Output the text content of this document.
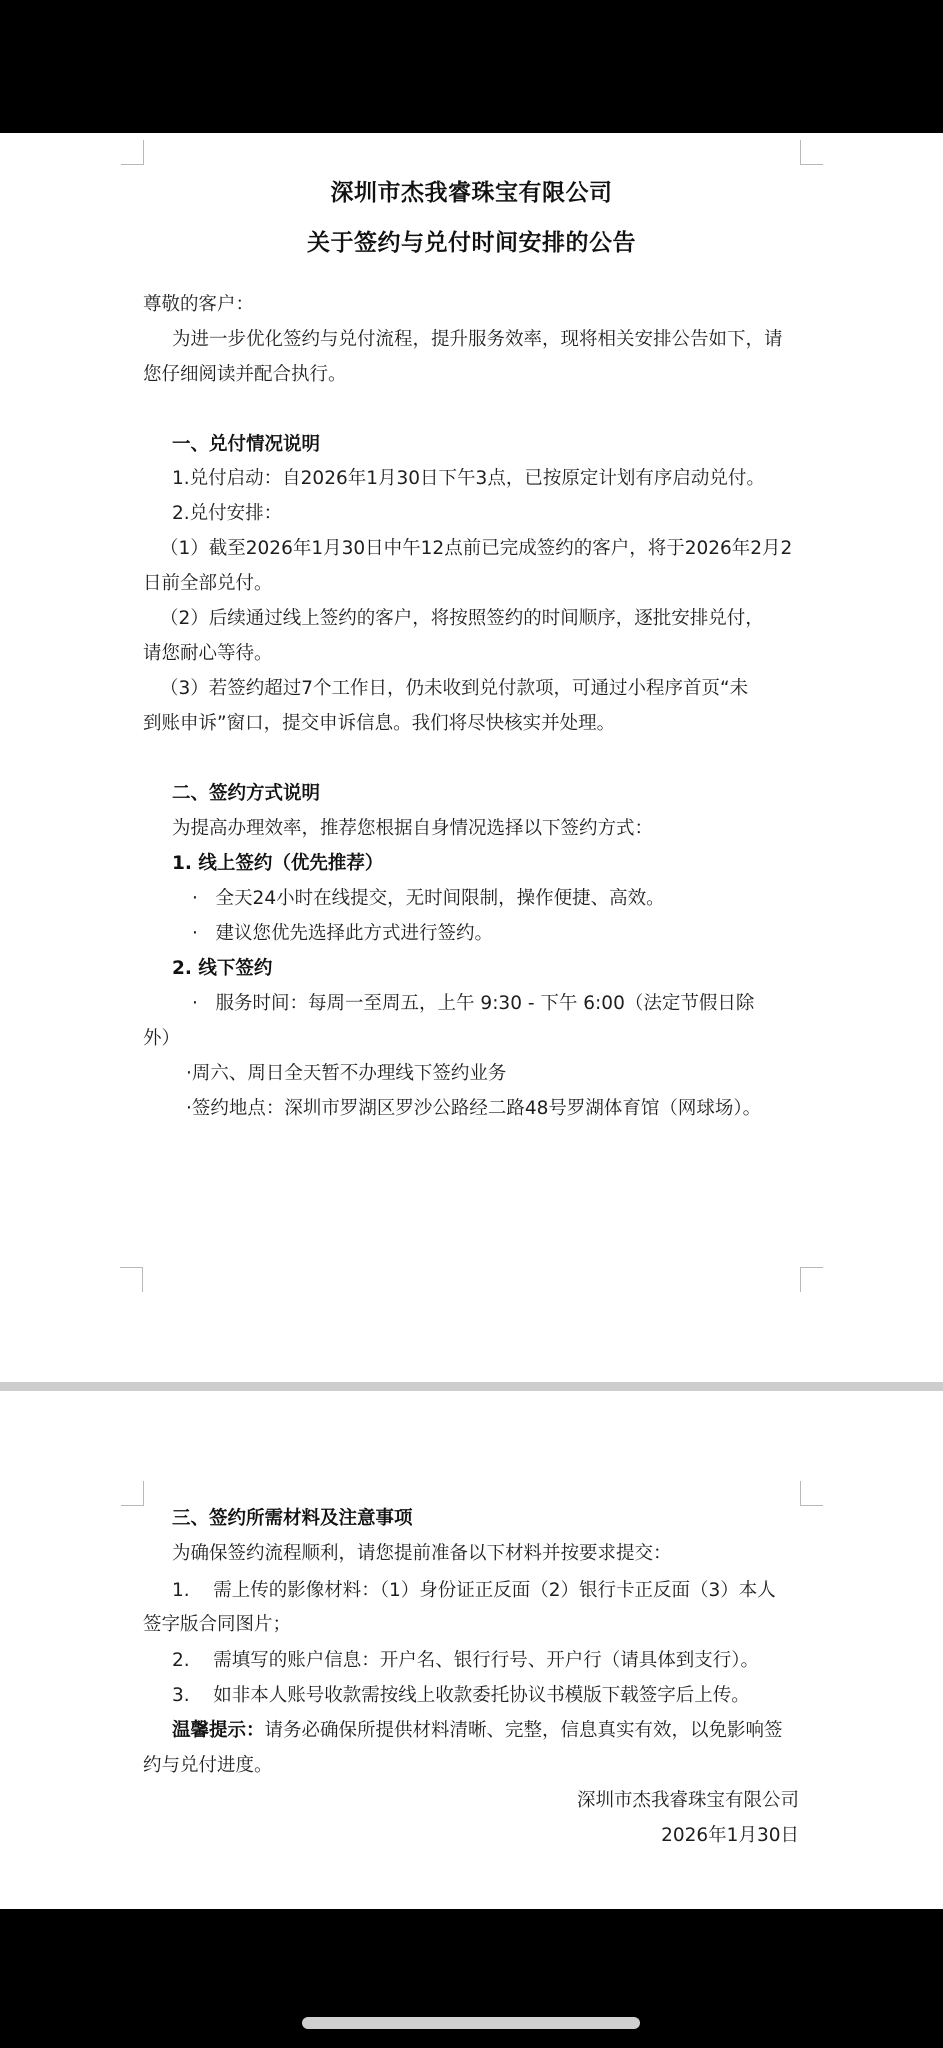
深圳市杰我睿珠宝有限公司
关于签约与兑付时间安排的公告
尊敬的客户：
为进一步优化签约与兑付流程，提升服务效率，现将相关安排公告如下，请
您仔细阅读并配合执行。
一、兑付情况说明
1.兑付启动：自2026年1月30日下午3点，已按原定计划有序启动兑付。
2.兑付安排：
（1）截至2026年1月30日中午12点前已完成签约的客户，将于2026年2月2
日前全部兑付。
（2）后续通过线上签约的客户，将按照签约的时间顺序，逐批安排兑付，
请您耐心等待。
（3）若签约超过7个工作日，仍未收到兑付款项，可通过小程序首页“未
到账申诉”窗口，提交申诉信息。我们将尽快核实并处理。
二、签约方式说明
为提高办理效率，推荐您根据自身情况选择以下签约方式：
1. 线上签约（优先推荐）
· 全天24小时在线提交，无时间限制，操作便捷、高效。
· 建议您优先选择此方式进行签约。
2. 线下签约
· 服务时间：每周一至周五，上午 9:30 - 下午 6:00（法定节假日除
外）
·周六、周日全天暂不办理线下签约业务
·签约地点：深圳市罗湖区罗沙公路经二路48号罗湖体育馆（网球场）。
三、签约所需材料及注意事项
为确保签约流程顺利，请您提前准备以下材料并按要求提交：
1. 需上传的影像材料：（1）身份证正反面（2）银行卡正反面（3）本人
签字版合同图片；
2. 需填写的账户信息：开户名、银行行号、开户行（请具体到支行）。
3. 如非本人账号收款需按线上收款委托协议书模版下载签字后上传。
温馨提示：请务必确保所提供材料清晰、完整，信息真实有效，以免影响签
约与兑付进度。
深圳市杰我睿珠宝有限公司
2026年1月30日
